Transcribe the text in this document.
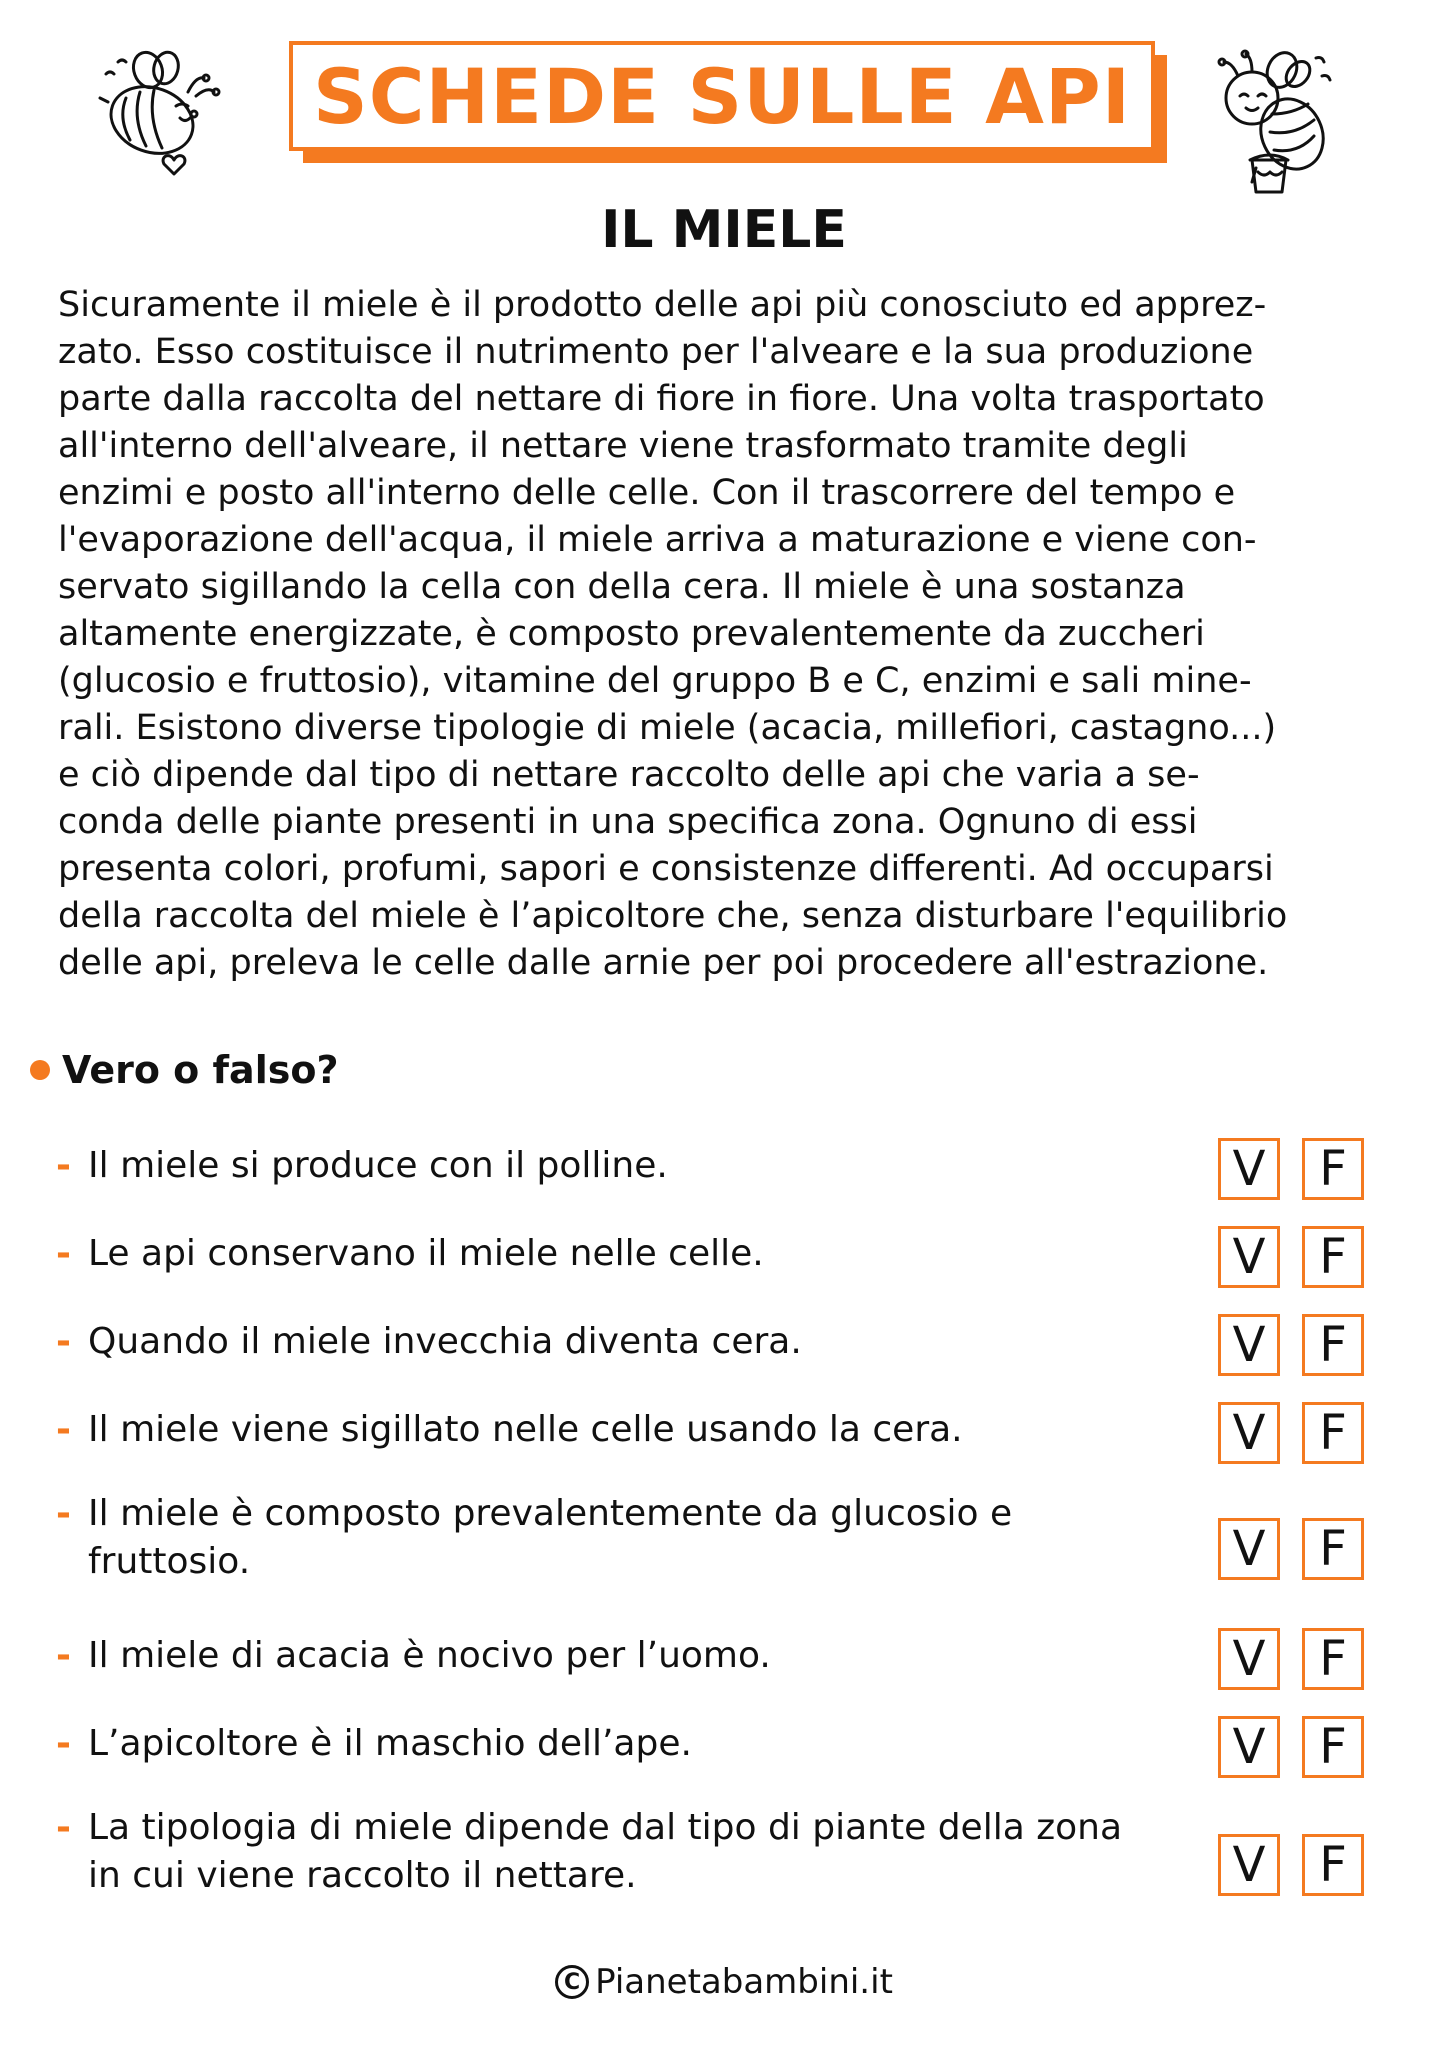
SCHEDE SULLE API
IL MIELE
Sicuramente il miele è il prodotto delle api più conosciuto ed apprez-
zato. Esso costituisce il nutrimento per l'alveare e la sua produzione
parte dalla raccolta del nettare di fiore in fiore. Una volta trasportato
all'interno dell'alveare, il nettare viene trasformato tramite degli
enzimi e posto all'interno delle celle. Con il trascorrere del tempo e
l'evaporazione dell'acqua, il miele arriva a maturazione e viene con-
servato sigillando la cella con della cera. Il miele è una sostanza
altamente energizzate, è composto prevalentemente da zuccheri
(glucosio e fruttosio), vitamine del gruppo B e C, enzimi e sali mine-
rali. Esistono diverse tipologie di miele (acacia, millefiori, castagno...)
e ciò dipende dal tipo di nettare raccolto delle api che varia a se-
conda delle piante presenti in una specifica zona. Ognuno di essi
presenta colori, profumi, sapori e consistenze differenti. Ad occuparsi
della raccolta del miele è l’apicoltore che, senza disturbare l'equilibrio
delle api, preleva le celle dalle arnie per poi procedere all'estrazione.
Vero o falso?
- Il miele si produce con il polline.	V	F
- Le api conservano il miele nelle celle.	V	F
- Quando il miele invecchia diventa cera.	V	F
- Il miele viene sigillato nelle celle usando la cera.	V	F
- Il miele è composto prevalentemente da glucosio e fruttosio.	V	F
- Il miele di acacia è nocivo per l’uomo.	V	F
- L’apicoltore è il maschio dell’ape.	V	F
- La tipologia di miele dipende dal tipo di piante della zona in cui viene raccolto il nettare.	V	F
C Pianetabambini.it
